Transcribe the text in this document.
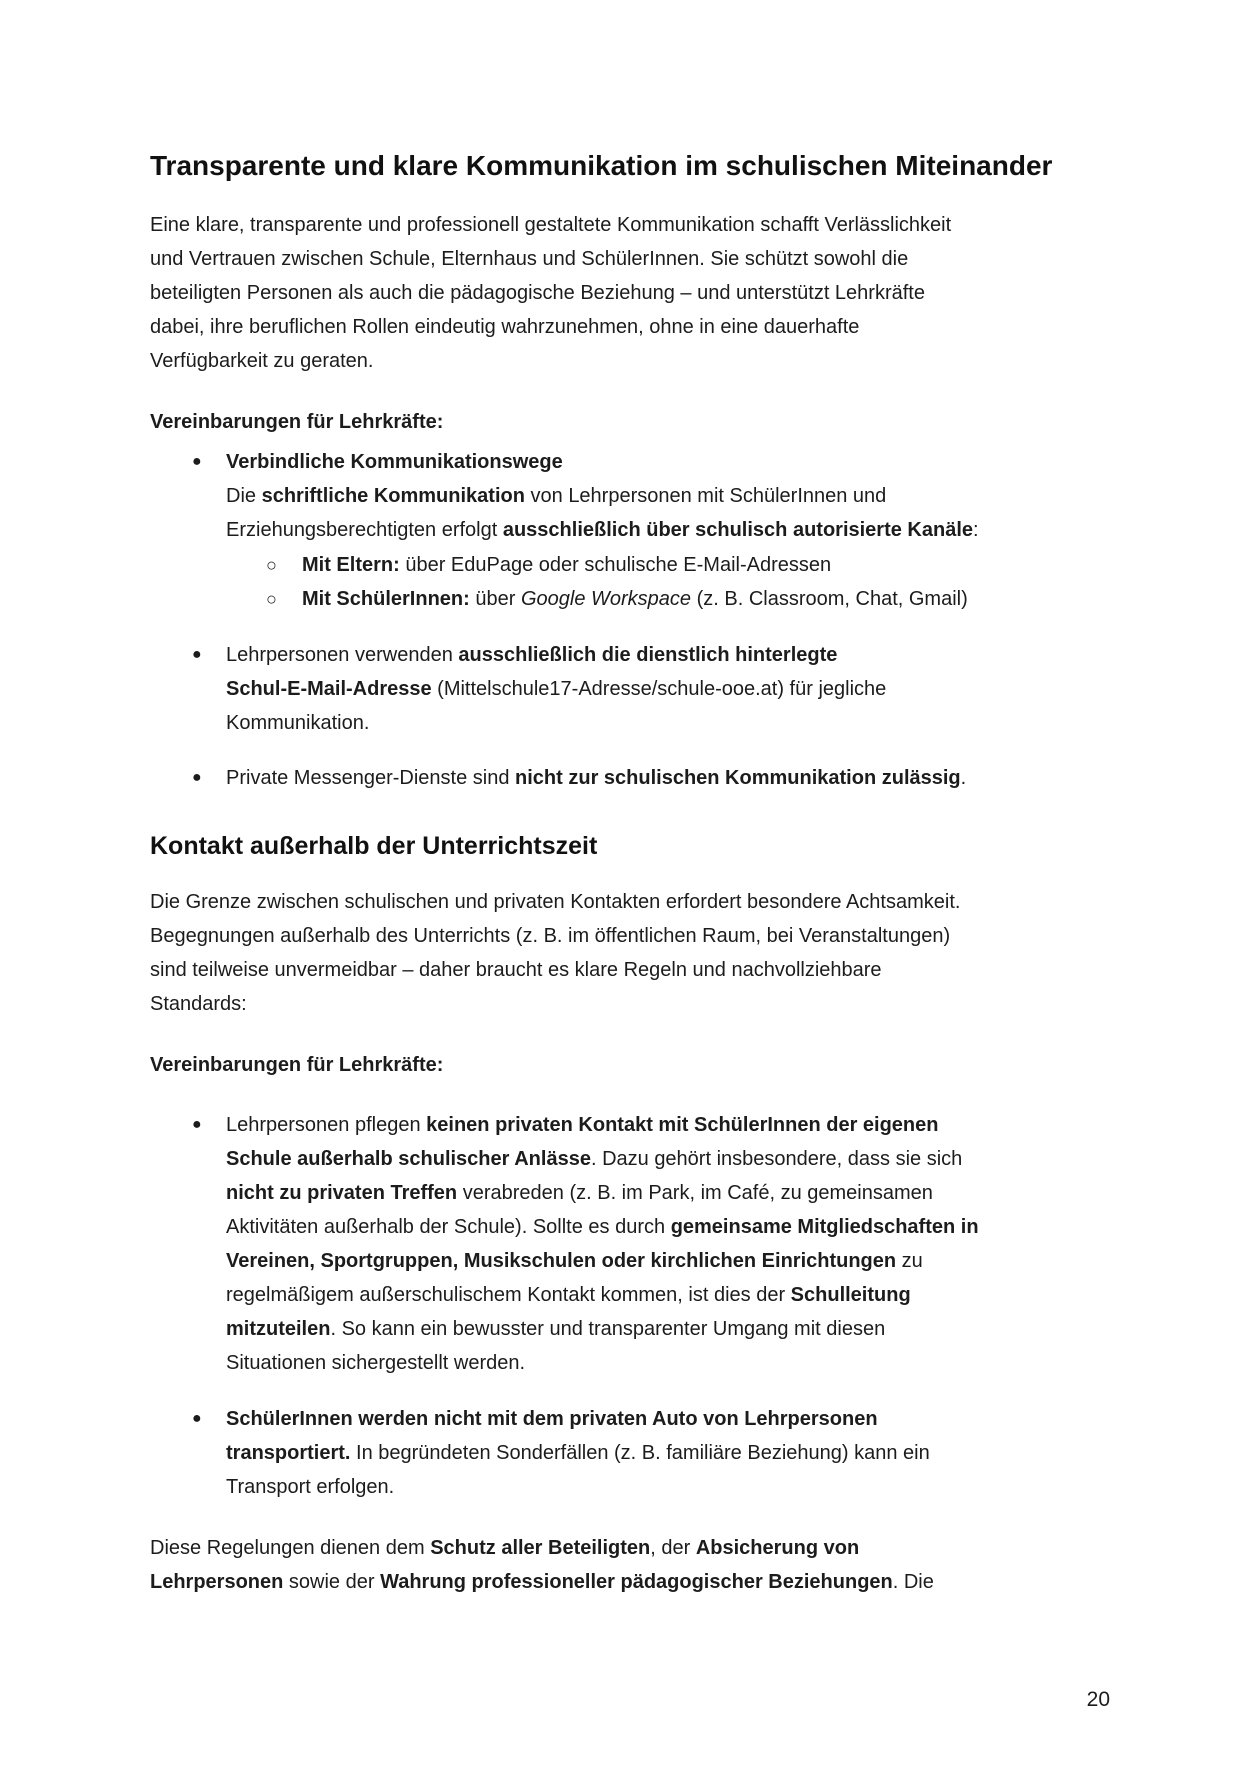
Transparente und klare Kommunikation im schulischen Miteinander
Eine klare, transparente und professionell gestaltete Kommunikation schafft Verlässlichkeit
und Vertrauen zwischen Schule, Elternhaus und SchülerInnen. Sie schützt sowohl die
beteiligten Personen als auch die pädagogische Beziehung – und unterstützt Lehrkräfte
dabei, ihre beruflichen Rollen eindeutig wahrzunehmen, ohne in eine dauerhafte
Verfügbarkeit zu geraten.
Vereinbarungen für Lehrkräfte:
● Verbindliche Kommunikationswege
Die schriftliche Kommunikation von Lehrpersonen mit SchülerInnen und
Erziehungsberechtigten erfolgt ausschließlich über schulisch autorisierte Kanäle:
○ Mit Eltern: über EduPage oder schulische E-Mail-Adressen
○ Mit SchülerInnen: über Google Workspace (z. B. Classroom, Chat, Gmail)
● Lehrpersonen verwenden ausschließlich die dienstlich hinterlegte
Schul-E-Mail-Adresse (Mittelschule17-Adresse/schule-ooe.at) für jegliche
Kommunikation.
● Private Messenger-Dienste sind nicht zur schulischen Kommunikation zulässig.
Kontakt außerhalb der Unterrichtszeit
Die Grenze zwischen schulischen und privaten Kontakten erfordert besondere Achtsamkeit.
Begegnungen außerhalb des Unterrichts (z. B. im öffentlichen Raum, bei Veranstaltungen)
sind teilweise unvermeidbar – daher braucht es klare Regeln und nachvollziehbare
Standards:
Vereinbarungen für Lehrkräfte:
● Lehrpersonen pflegen keinen privaten Kontakt mit SchülerInnen der eigenen
Schule außerhalb schulischer Anlässe. Dazu gehört insbesondere, dass sie sich
nicht zu privaten Treffen verabreden (z. B. im Park, im Café, zu gemeinsamen
Aktivitäten außerhalb der Schule). Sollte es durch gemeinsame Mitgliedschaften in
Vereinen, Sportgruppen, Musikschulen oder kirchlichen Einrichtungen zu
regelmäßigem außerschulischem Kontakt kommen, ist dies der Schulleitung
mitzuteilen. So kann ein bewusster und transparenter Umgang mit diesen
Situationen sichergestellt werden.
● SchülerInnen werden nicht mit dem privaten Auto von Lehrpersonen
transportiert. In begründeten Sonderfällen (z. B. familiäre Beziehung) kann ein
Transport erfolgen.
Diese Regelungen dienen dem Schutz aller Beteiligten, der Absicherung von
Lehrpersonen sowie der Wahrung professioneller pädagogischer Beziehungen. Die
20
